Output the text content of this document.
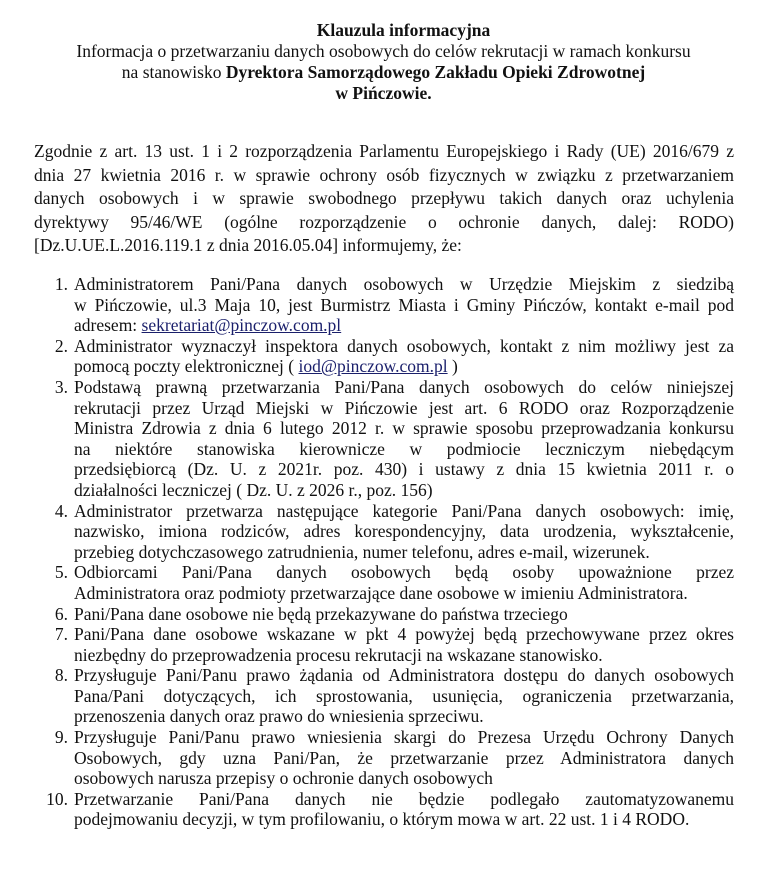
Klauzula informacyjna
Informacja o przetwarzaniu danych osobowych do celów rekrutacji w ramach konkursu
na stanowisko Dyrektora Samorządowego Zakładu Opieki Zdrowotnej
w Pińczowie.
Zgodnie z art. 13 ust. 1 i 2 rozporządzenia Parlamentu Europejskiego i Rady (UE) 2016/679 z
dnia 27 kwietnia 2016 r. w sprawie ochrony osób fizycznych w związku z przetwarzaniem
danych osobowych i w sprawie swobodnego przepływu takich danych oraz uchylenia
dyrektywy 95/46/WE (ogólne rozporządzenie o ochronie danych, dalej: RODO)
[Dz.U.UE.L.2016.119.1 z dnia 2016.05.04] informujemy, że:
1. Administratorem Pani/Pana danych osobowych w Urzędzie Miejskim z siedzibą
w Pińczowie, ul.3 Maja 10, jest Burmistrz Miasta i Gminy Pińczów, kontakt e-mail pod
adresem: sekretariat@pinczow.com.pl
2. Administrator wyznaczył inspektora danych osobowych, kontakt z nim możliwy jest za
pomocą poczty elektronicznej ( iod@pinczow.com.pl )
3. Podstawą prawną przetwarzania Pani/Pana danych osobowych do celów niniejszej
rekrutacji przez Urząd Miejski w Pińczowie jest art. 6 RODO oraz Rozporządzenie
Ministra Zdrowia z dnia 6 lutego 2012 r. w sprawie sposobu przeprowadzania konkursu
na niektóre stanowiska kierownicze w podmiocie leczniczym niebędącym
przedsiębiorcą (Dz. U. z 2021r. poz. 430) i ustawy z dnia 15 kwietnia 2011 r. o
działalności leczniczej ( Dz. U. z 2026 r., poz. 156)
4. Administrator przetwarza następujące kategorie Pani/Pana danych osobowych: imię,
nazwisko, imiona rodziców, adres korespondencyjny, data urodzenia, wykształcenie,
przebieg dotychczasowego zatrudnienia, numer telefonu, adres e-mail, wizerunek.
5. Odbiorcami Pani/Pana danych osobowych będą osoby upoważnione przez
Administratora oraz podmioty przetwarzające dane osobowe w imieniu Administratora.
6. Pani/Pana dane osobowe nie będą przekazywane do państwa trzeciego
7. Pani/Pana dane osobowe wskazane w pkt 4 powyżej będą przechowywane przez okres
niezbędny do przeprowadzenia procesu rekrutacji na wskazane stanowisko.
8. Przysługuje Pani/Panu prawo żądania od Administratora dostępu do danych osobowych
Pana/Pani dotyczących, ich sprostowania, usunięcia, ograniczenia przetwarzania,
przenoszenia danych oraz prawo do wniesienia sprzeciwu.
9. Przysługuje Pani/Panu prawo wniesienia skargi do Prezesa Urzędu Ochrony Danych
Osobowych, gdy uzna Pani/Pan, że przetwarzanie przez Administratora danych
osobowych narusza przepisy o ochronie danych osobowych
10. Przetwarzanie Pani/Pana danych nie będzie podlegało zautomatyzowanemu
podejmowaniu decyzji, w tym profilowaniu, o którym mowa w art. 22 ust. 1 i 4 RODO.
